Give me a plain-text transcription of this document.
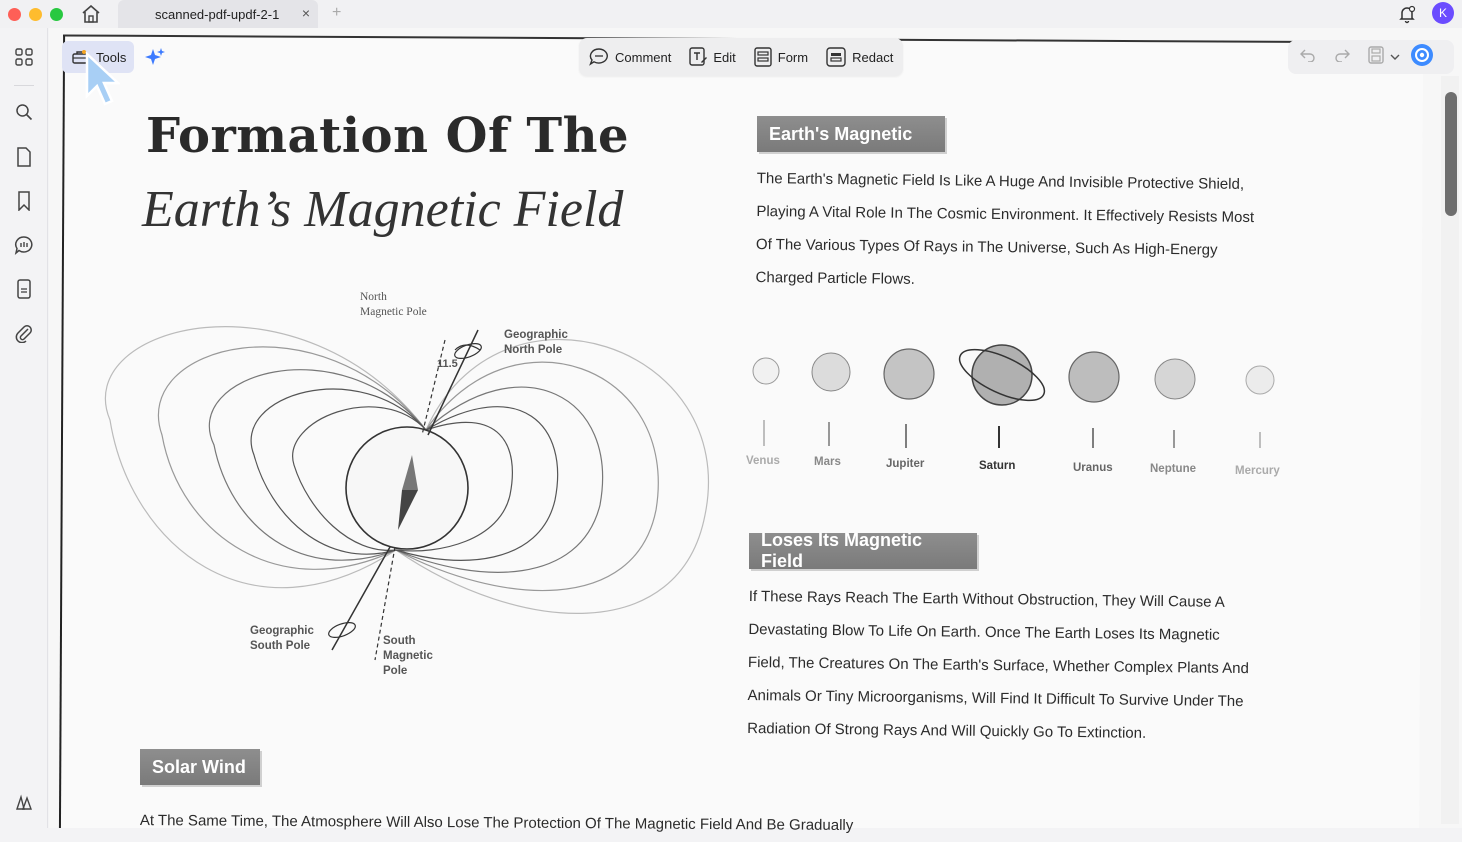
scanned-pdf-updf-2-1 × +	K
Formation Of The
Earth’s Magnetic Field
Earth's Magnetic
The Earth's Magnetic Field Is Like A Huge And Invisible Protective Shield,
Playing A Vital Role In The Cosmic Environment. It Effectively Resists Most
Of The Various Types Of Rays in The Universe, Such As High-Energy
Charged Particle Flows.
Venus	Mars	Jupiter	Saturn	Uranus	Neptune	Mercury
Loses Its Magnetic Field
If These Rays Reach The Earth Without Obstruction, They Will Cause A
Devastating Blow To Life On Earth. Once The Earth Loses Its Magnetic
Field, The Creatures On The Earth's Surface, Whether Complex Plants And
Animals Or Tiny Microorganisms, Will Find It Difficult To Survive Under The
Radiation Of Strong Rays And Will Quickly Go To Extinction.
Solar Wind
At The Same Time, The Atmosphere Will Also Lose The Protection Of The Magnetic Field And Be Gradually
North
Magnetic Pole
Geographic
North Pole
11.5
Geographic
South Pole	South
Magnetic
Pole
Tools	Comment	Edit	Form	Redact
